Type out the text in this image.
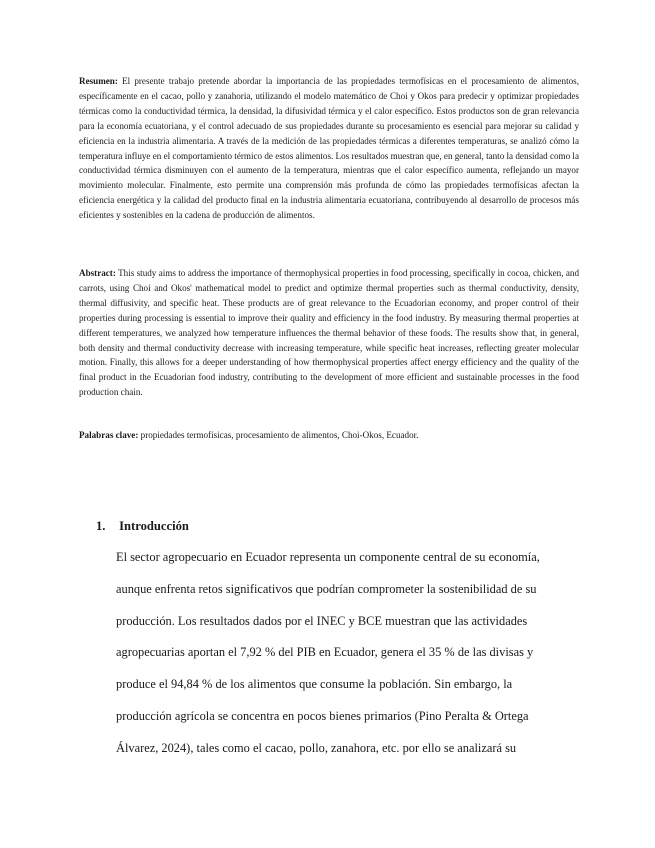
Resumen: El presente trabajo pretende abordar la importancia de las propiedades termofísicas en el procesamiento de alimentos, específicamente en el cacao, pollo y zanahoria, utilizando el modelo matemático de Choi y Okos para predecir y optimizar propiedades térmicas como la conductividad térmica, la densidad, la difusividad térmica y el calor específico. Estos productos son de gran relevancia para la economía ecuatoriana, y el control adecuado de sus propiedades durante su procesamiento es esencial para mejorar su calidad y eficiencia en la industria alimentaria. A través de la medición de las propiedades térmicas a diferentes temperaturas, se analizó cómo la temperatura influye en el comportamiento térmico de estos alimentos. Los resultados muestran que, en general, tanto la densidad como la conductividad térmica disminuyen con el aumento de la temperatura, mientras que el calor específico aumenta, reflejando un mayor movimiento molecular. Finalmente, esto permite una comprensión más profunda de cómo las propiedades termofísicas afectan la eficiencia energética y la calidad del producto final en la industria alimentaria ecuatoriana, contribuyendo al desarrollo de procesos más eficientes y sostenibles en la cadena de producción de alimentos.
Abstract: This study aims to address the importance of thermophysical properties in food processing, specifically in cocoa, chicken, and carrots, using Choi and Okos' mathematical model to predict and optimize thermal properties such as thermal conductivity, density, thermal diffusivity, and specific heat. These products are of great relevance to the Ecuadorian economy, and proper control of their properties during processing is essential to improve their quality and efficiency in the food industry. By measuring thermal properties at different temperatures, we analyzed how temperature influences the thermal behavior of these foods. The results show that, in general, both density and thermal conductivity decrease with increasing temperature, while specific heat increases, reflecting greater molecular motion. Finally, this allows for a deeper understanding of how thermophysical properties affect energy efficiency and the quality of the final product in the Ecuadorian food industry, contributing to the development of more efficient and sustainable processes in the food production chain.
Palabras clave: propiedades termofísicas, procesamiento de alimentos, Choi-Okos, Ecuador.
1. Introducción
El sector agropecuario en Ecuador representa un componente central de su economía,
aunque enfrenta retos significativos que podrían comprometer la sostenibilidad de su
producción. Los resultados dados por el INEC y BCE muestran que las actividades
agropecuarias aportan el 7,92 % del PIB en Ecuador, genera el 35 % de las divisas y
produce el 94,84 % de los alimentos que consume la población. Sin embargo, la
producción agrícola se concentra en pocos bienes primarios (Pino Peralta & Ortega
Álvarez, 2024), tales como el cacao, pollo, zanahora, etc. por ello se analizará su
